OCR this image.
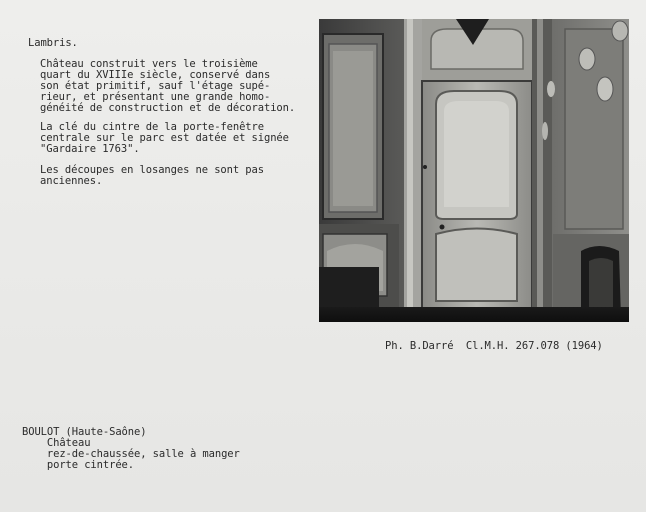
Lambris.
Château construit vers le troisième
quart du XVIIIe siècle, conservé dans
son état primitif, sauf l'étage supé-
rieur, et présentant une grande homo-
généité de construction et de décoration.
La clé du cintre de la porte-fenêtre
centrale sur le parc est datée et signée
"Gardaire 1763".
Les découpes en losanges ne sont pas
anciennes.
Ph. B.Darré  Cl.M.H. 267.078 (1964)
BOULOT (Haute-Saône)
Château
rez-de-chaussée, salle à manger
porte cintrée.
